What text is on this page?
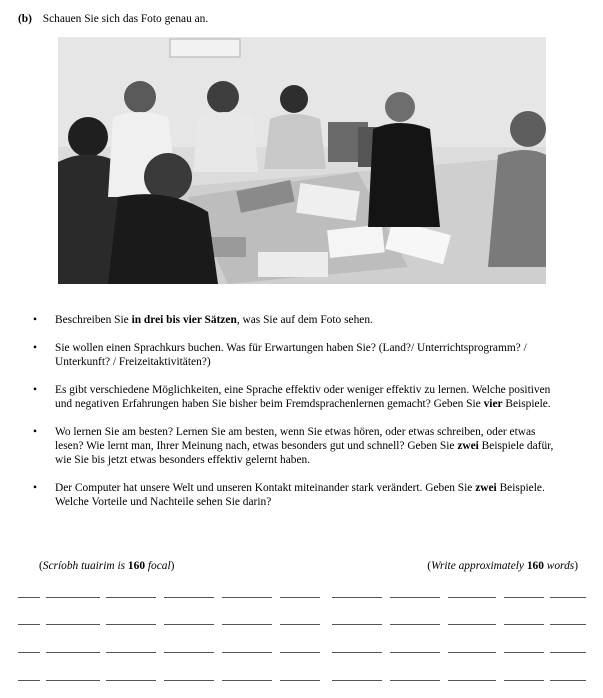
(b) Schauen Sie sich das Foto genau an.
• Beschreiben Sie in drei bis vier Sätzen, was Sie auf dem Foto sehen.
• Sie wollen einen Sprachkurs buchen. Was für Erwartungen haben Sie? (Land?/ Unterrichtsprogramm? / Unterkunft? / Freizeitaktivitäten?)
• Es gibt verschiedene Möglichkeiten, eine Sprache effektiv oder weniger effektiv zu lernen. Welche positiven und negativen Erfahrungen haben Sie bisher beim Fremdsprachenlernen gemacht? Geben Sie vier Beispiele.
• Wo lernen Sie am besten? Lernen Sie am besten, wenn Sie etwas hören, oder etwas schreiben, oder etwas lesen? Wie lernt man, Ihrer Meinung nach, etwas besonders gut und schnell? Geben Sie zwei Beispiele dafür, wie Sie bis jetzt etwas besonders effektiv gelernt haben.
• Der Computer hat unsere Welt und unseren Kontakt miteinander stark verändert. Geben Sie zwei Beispiele. Welche Vorteile und Nachteile sehen Sie darin?
(Scríobh tuairim is 160 focal)	(Write approximately 160 words)
